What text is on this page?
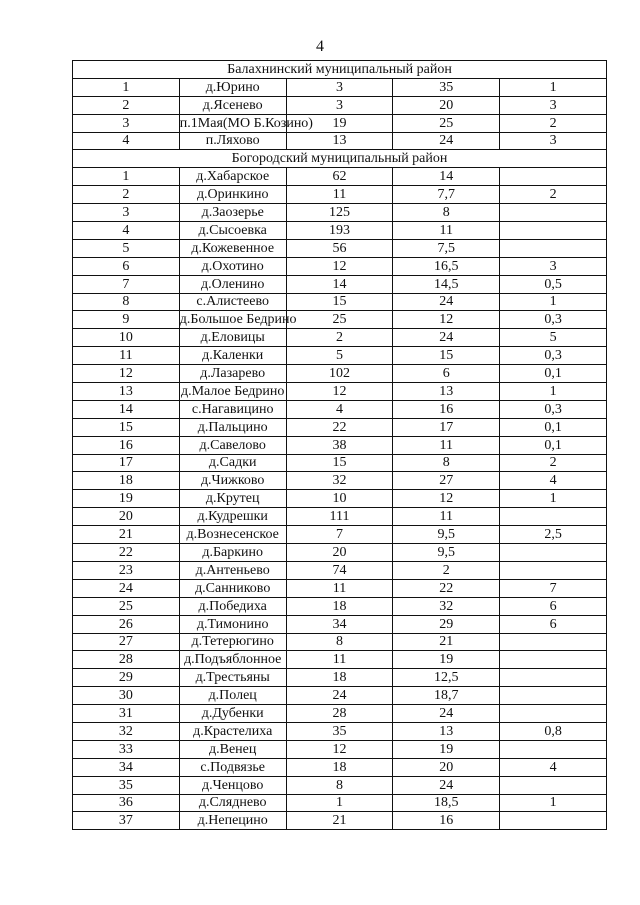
4
Балахнинский муниципальный район				
1	д.Юрино	3	35	1
2	д.Ясенево	3	20	3
3	п.1Мая(МО Б.Козино)	19	25	2
4	п.Ляхово	13	24	3
Богородский муниципальный район				
1	д.Хабарское	62	14	
2	д.Оринкино	11	7,7	2
3	д.Заозерье	125	8	
4	д.Сысоевка	193	11	
5	д.Кожевенное	56	7,5	
6	д.Охотино	12	16,5	3
7	д.Оленино	14	14,5	0,5
8	с.Алистеево	15	24	1
9	д.Большое Бедрино	25	12	0,3
10	д.Еловицы	2	24	5
11	д.Каленки	5	15	0,3
12	д.Лазарево	102	6	0,1
13	д.Малое Бедрино	12	13	1
14	с.Нагавицино	4	16	0,3
15	д.Пальцино	22	17	0,1
16	д.Савелово	38	11	0,1
17	д.Садки	15	8	2
18	д.Чижково	32	27	4
19	д.Крутец	10	12	1
20	д.Кудрешки	111	11	
21	д.Вознесенское	7	9,5	2,5
22	д.Баркино	20	9,5	
23	д.Антеньево	74	2	
24	д.Санниково	11	22	7
25	д.Победиха	18	32	6
26	д.Тимонино	34	29	6
27	д.Тетерюгино	8	21	
28	д.Подъяблонное	11	19	
29	д.Трестьяны	18	12,5	
30	д.Полец	24	18,7	
31	д.Дубенки	28	24	
32	д.Крастелиха	35	13	0,8
33	д.Венец	12	19	
34	с.Подвязье	18	20	4
35	д.Ченцово	8	24	
36	д.Сляднево	1	18,5	1
37	д.Непецино	21	16	
